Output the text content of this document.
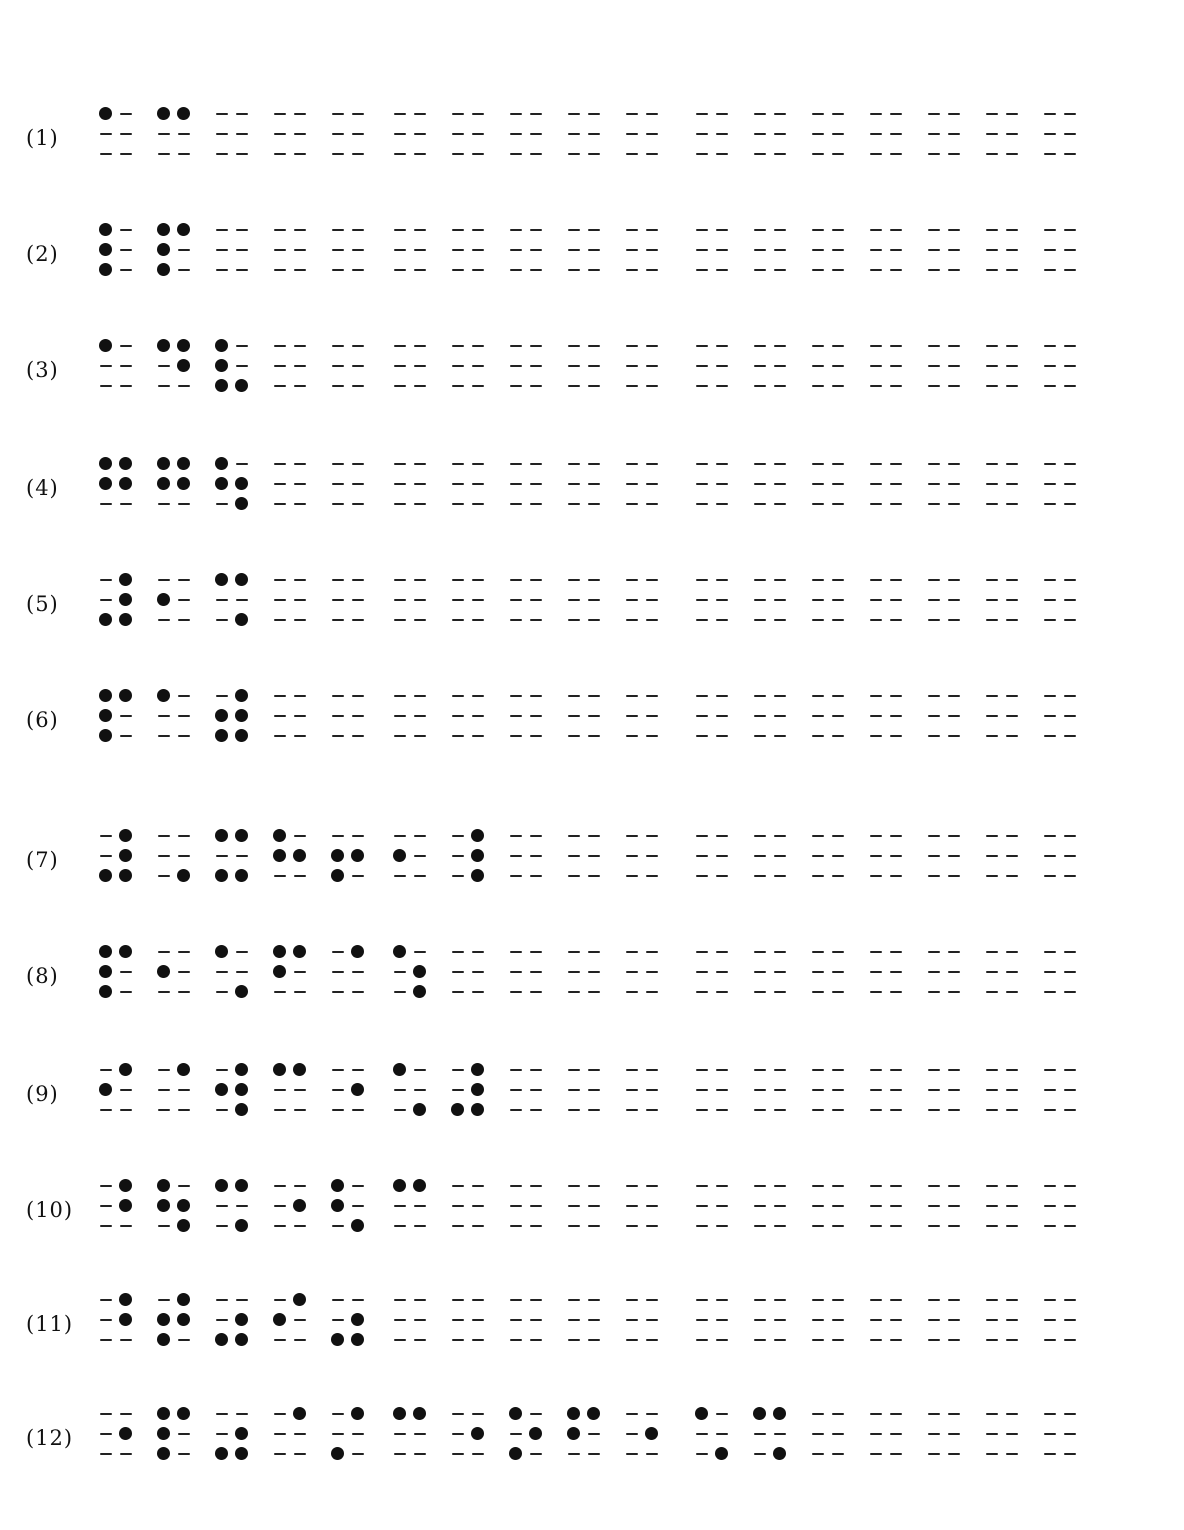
(1)
(2)
(3)
(4)
(5)
(6)
(7)
(8)
(9)
(10)
(11)
(12)
